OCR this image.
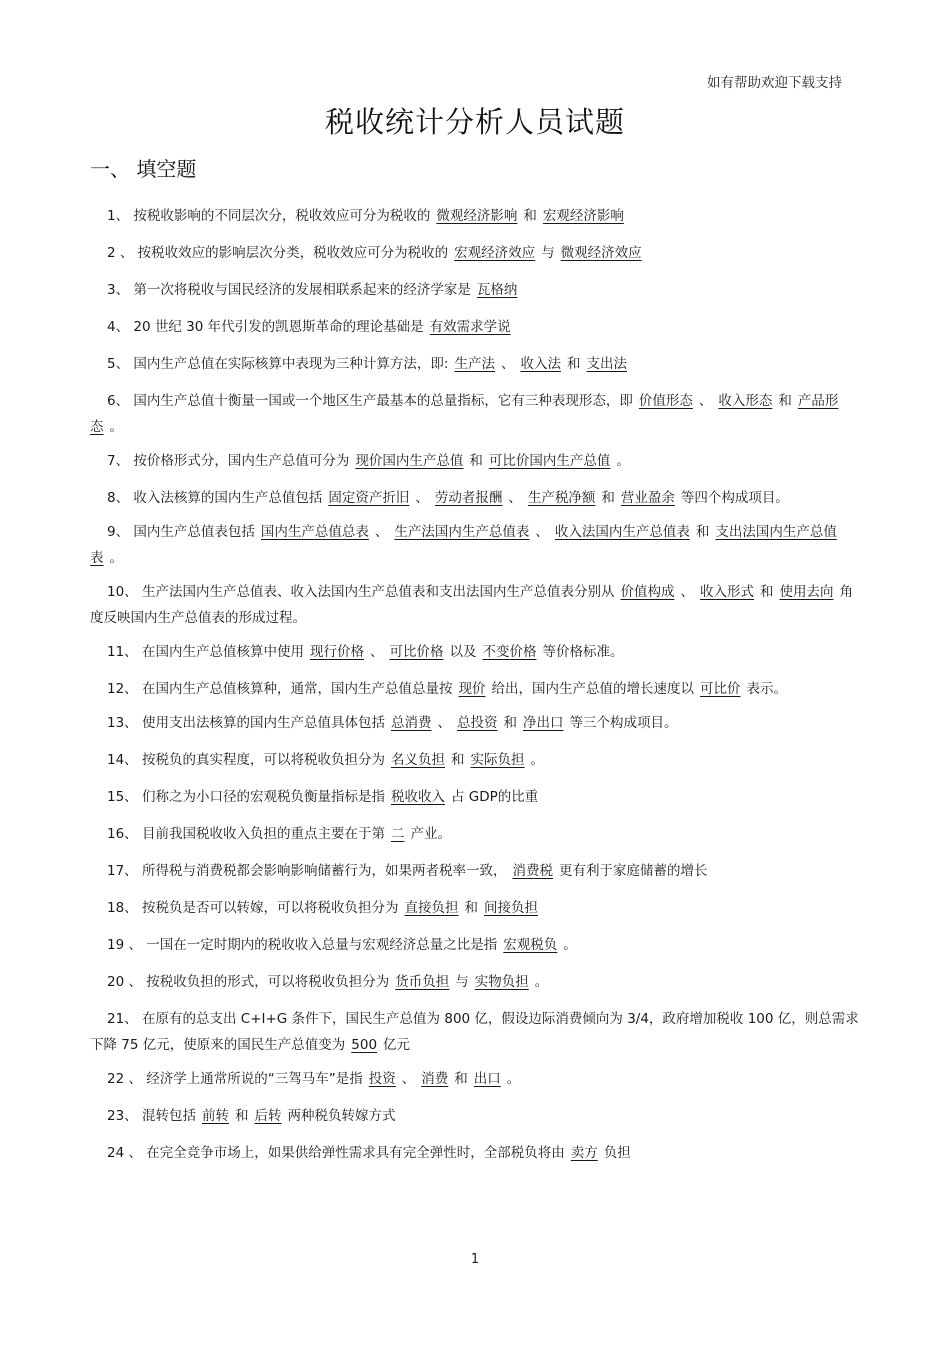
如有帮助欢迎下载支持
税收统计分析人员试题
一、 填空题

1、 按税收影响的不同层次分，税收效应可分为税收的 微观经济影响 和 宏观经济影响

2 、 按税收效应的影响层次分类，税收效应可分为税收的 宏观经济效应 与 微观经济效应

3、 第一次将税收与国民经济的发展相联系起来的经济学家是 瓦格纳

4、 20 世纪 30 年代引发的凯恩斯革命的理论基础是 有效需求学说

5、 国内生产总值在实际核算中表现为三种计算方法，即: 生产法 、 收入法 和 支出法

6、 国内生产总值十衡量一国或一个地区生产最基本的总量指标，它有三种表现形态，即 价值形态 、 收入形态 和 产品形态 。

7、 按价格形式分，国内生产总值可分为 现价国内生产总值 和 可比价国内生产总值 。

8、 收入法核算的国内生产总值包括 固定资产折旧 、 劳动者报酬 、 生产税净额 和 营业盈余 等四个构成项目。

9、 国内生产总值表包括 国内生产总值总表 、 生产法国内生产总值表 、 收入法国内生产总值表 和 支出法国内生产总值表 。

10、 生产法国内生产总值表、收入法国内生产总值表和支出法国内生产总值表分别从 价值构成 、 收入形式 和 使用去向 角度反映国内生产总值表的形成过程。

11、 在国内生产总值核算中使用 现行价格 、 可比价格 以及 不变价格 等价格标准。

12、 在国内生产总值核算种，通常，国内生产总值总量按 现价 给出，国内生产总值的增长速度以 可比价 表示。

13、 使用支出法核算的国内生产总值具体包括 总消费 、 总投资 和 净出口 等三个构成项目。

14、 按税负的真实程度，可以将税收负担分为 名义负担 和 实际负担 。

15、 们称之为小口径的宏观税负衡量指标是指 税收收入 占 GDP的比重

16、 目前我国税收收入负担的重点主要在于第 二 产业。

17、 所得税与消费税都会影响影响储蓄行为，如果两者税率一致， 消费税 更有利于家庭储蓄的增长

18、 按税负是否可以转嫁，可以将税收负担分为 直接负担 和 间接负担

19 、 一国在一定时期内的税收收入总量与宏观经济总量之比是指 宏观税负 。

20 、 按税收负担的形式，可以将税收负担分为 货币负担 与 实物负担 。

21、 在原有的总支出 C+I+G 条件下，国民生产总值为 800 亿，假设边际消费倾向为 3/4，政府增加税收 100 亿，则总需求下降 75 亿元，使原来的国民生产总值变为 500 亿元

22 、 经济学上通常所说的“三驾马车”是指 投资 、 消费 和 出口 。

23、 混转包括 前转 和 后转 两种税负转嫁方式

24 、 在完全竞争市场上，如果供给弹性需求具有完全弹性时，全部税负将由 卖方 负担

1
